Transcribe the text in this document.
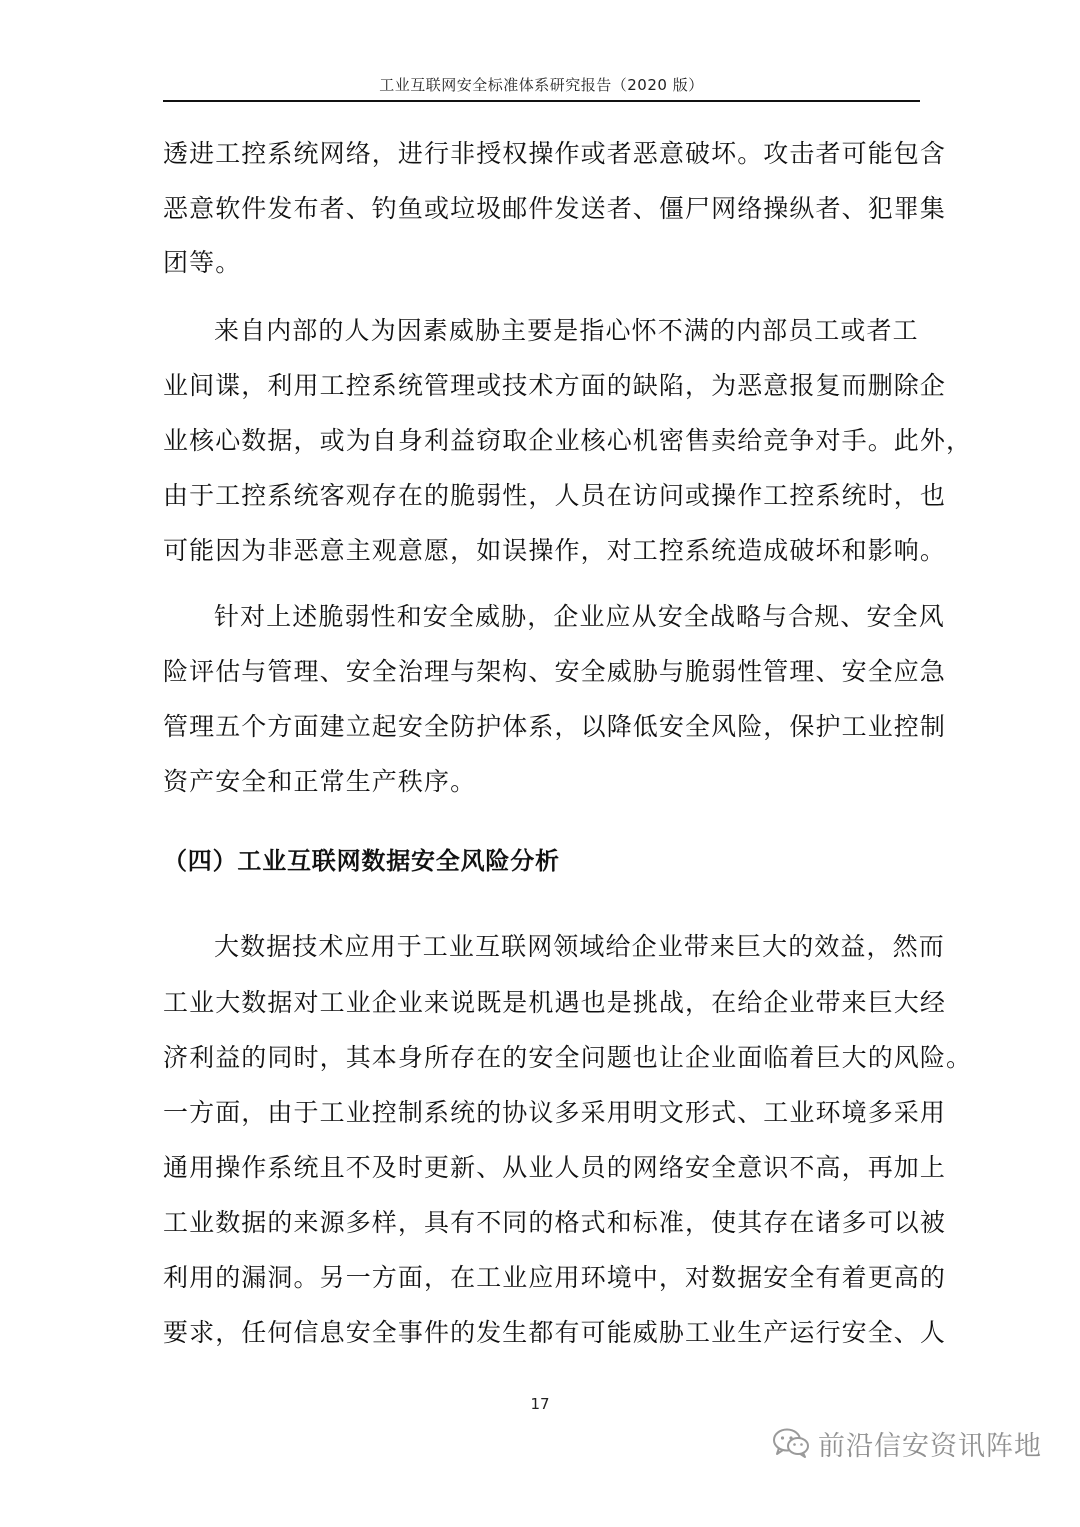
工业互联网安全标准体系研究报告（2020 版）
透进工控系统网络，进行非授权操作或者恶意破坏。攻击者可能包含
恶意软件发布者、钓鱼或垃圾邮件发送者、僵尸网络操纵者、犯罪集
团等。
来自内部的人为因素威胁主要是指心怀不满的内部员工或者工
业间谍，利用工控系统管理或技术方面的缺陷，为恶意报复而删除企
业核心数据，或为自身利益窃取企业核心机密售卖给竞争对手。此外，
由于工控系统客观存在的脆弱性，人员在访问或操作工控系统时，也
可能因为非恶意主观意愿，如误操作，对工控系统造成破坏和影响。
针对上述脆弱性和安全威胁，企业应从安全战略与合规、安全风
险评估与管理、安全治理与架构、安全威胁与脆弱性管理、安全应急
管理五个方面建立起安全防护体系，以降低安全风险，保护工业控制
资产安全和正常生产秩序。
（四）工业互联网数据安全风险分析
大数据技术应用于工业互联网领域给企业带来巨大的效益，然而
工业大数据对工业企业来说既是机遇也是挑战，在给企业带来巨大经
济利益的同时，其本身所存在的安全问题也让企业面临着巨大的风险。
一方面，由于工业控制系统的协议多采用明文形式、工业环境多采用
通用操作系统且不及时更新、从业人员的网络安全意识不高，再加上
工业数据的来源多样，具有不同的格式和标准，使其存在诸多可以被
利用的漏洞。另一方面，在工业应用环境中，对数据安全有着更高的
要求，任何信息安全事件的发生都有可能威胁工业生产运行安全、人
17
前沿信安资讯阵地
